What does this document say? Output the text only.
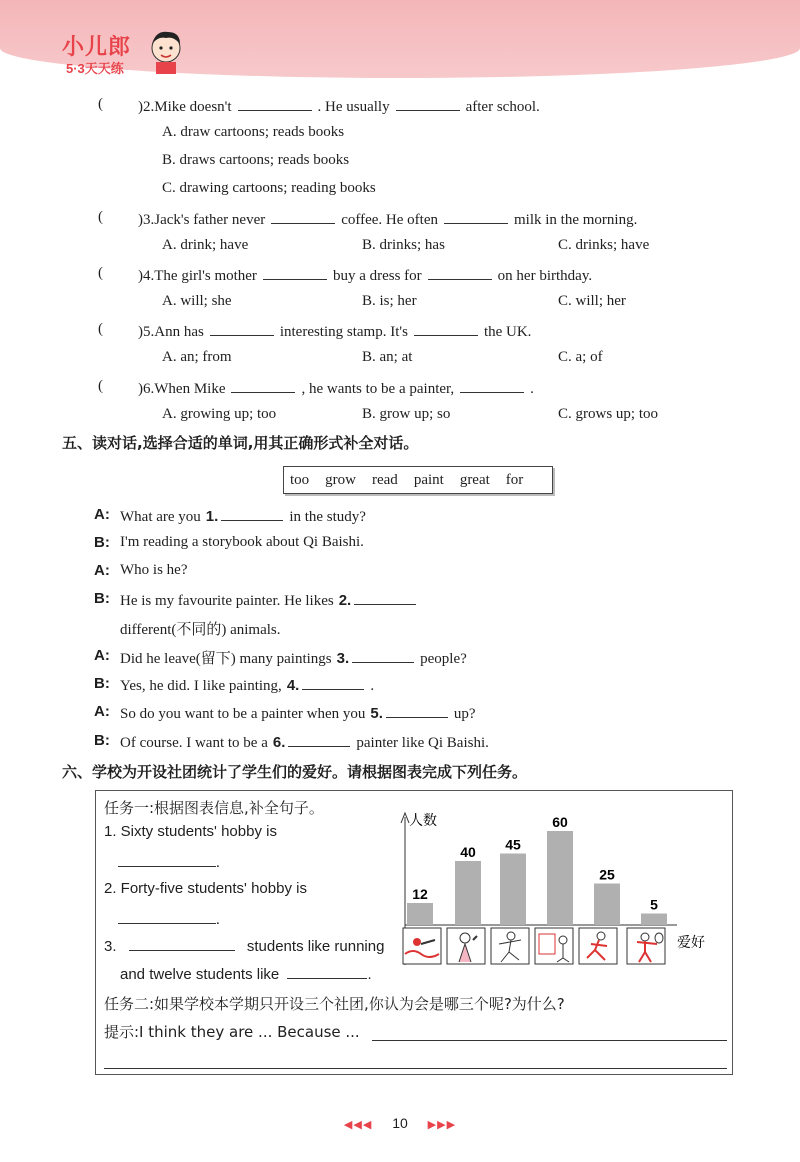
小儿郎
5·3天天练
五、读对话,选择合适的单词,用其正确形式补全对话。
too grow read paint great for
六、学校为开设社团统计了学生们的爱好。请根据图表完成下列任务。
任务一:根据图表信息,补全句子。
1. Sixty students' hobby is
.
2. Forty-five students' hobby is
.
3.	students like running
and twelve students like	.
人数
爱好
12
40 45
60
25
5
任务二:如果学校本学期只开设三个社团,你认为会是哪三个呢?为什么?
提示:I think they are ... Because ...
◀◀◀ 10 ▶▶▶
( )2.Mike doesn't	. He usually	after school.
A. draw cartoons; reads books
B. draws cartoons; reads books
C. drawing cartoons; reading books
( )3.Jack's father never	coffee. He often	milk in the morning.
A. drink; have	B. drinks; has	C. drinks; have
( )4.The girl's mother	buy a dress for	on her birthday.
A. will; she	B. is; her	C. will; her
( )5.Ann has	interesting stamp. It's	the UK.
A. an; from	B. an; at	C. a; of
( )6.When Mike	, he wants to be a painter,	.
A. growing up; too	B. grow up; so	C. grows up; too
A: What are you 1.	in the study?
B: I'm reading a storybook about Qi Baishi.
A: Who is he?
B: He is my favourite painter. He likes 2.
different(不同的) animals.
A: Did he leave(留下) many paintings 3.	people?
B: Yes, he did. I like painting, 4.	.
A: So do you want to be a painter when you 5.	up?
B: Of course. I want to be a 6.	painter like Qi Baishi.
